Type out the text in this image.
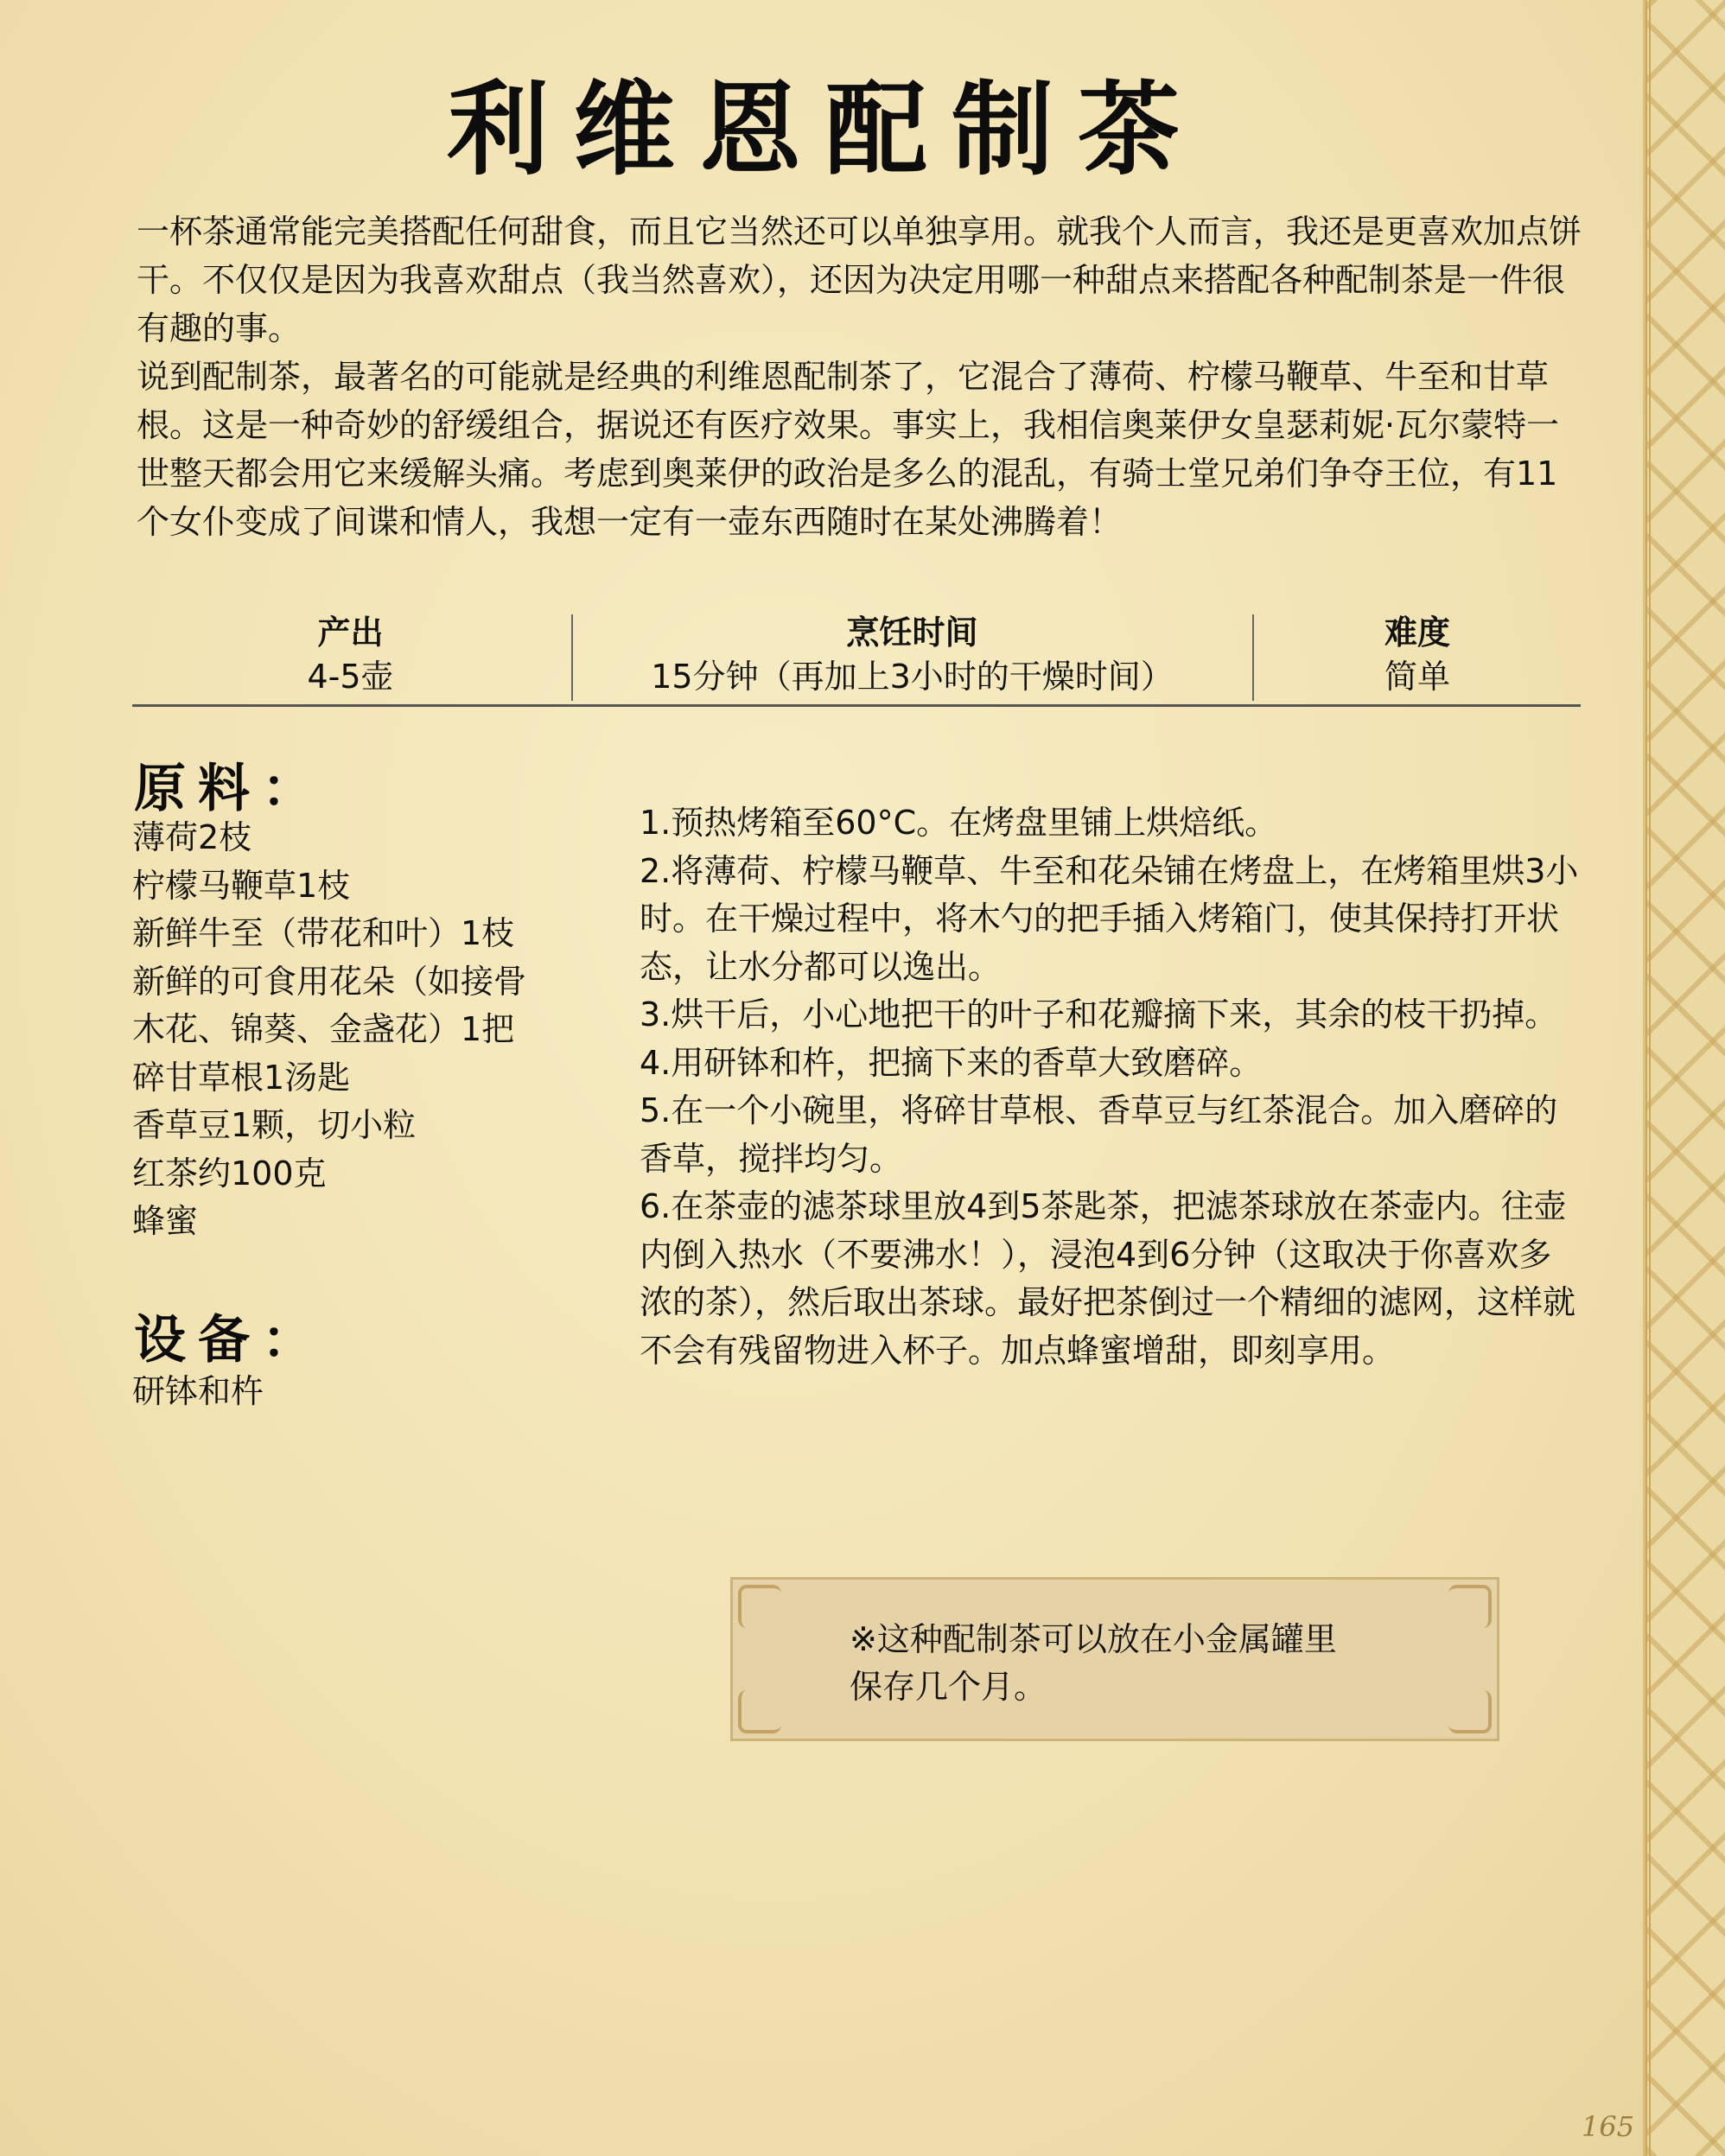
利维恩配制茶

一杯茶通常能完美搭配任何甜食，而且它当然还可以单独享用。就我个人而言，我还是更喜欢加点饼干。不仅仅是因为我喜欢甜点（我当然喜欢），还因为决定用哪一种甜点来搭配各种配制茶是一件很有趣的事。

说到配制茶，最著名的可能就是经典的利维恩配制茶了，它混合了薄荷、柠檬马鞭草、牛至和甘草根。这是一种奇妙的舒缓组合，据说还有医疗效果。事实上，我相信奥莱伊女皇瑟莉妮·瓦尔蒙特一世整天都会用它来缓解头痛。考虑到奥莱伊的政治是多么的混乱，有骑士堂兄弟们争夺王位，有11个女仆变成了间谍和情人，我想一定有一壶东西随时在某处沸腾着！

产出
4-5壶
烹饪时间
15分钟（再加上3小时的干燥时间）
难度
简单
原料：
薄荷2枝
柠檬马鞭草1枝
新鲜牛至（带花和叶）1枝
新鲜的可食用花朵（如接骨
木花、锦葵、金盏花）1把
碎甘草根1汤匙
香草豆1颗，切小粒
红茶约100克
蜂蜜
设备：
研钵和杵
1.预热烤箱至60°C。在烤盘里铺上烘焙纸。
2.将薄荷、柠檬马鞭草、牛至和花朵铺在烤盘上，在烤箱里烘3小时。在干燥过程中，将木勺的把手插入烤箱门，使其保持打开状态，让水分都可以逸出。
3.烘干后，小心地把干的叶子和花瓣摘下来，其余的枝干扔掉。
4.用研钵和杵，把摘下来的香草大致磨碎。
5.在一个小碗里，将碎甘草根、香草豆与红茶混合。加入磨碎的香草，搅拌均匀。
6.在茶壶的滤茶球里放4到5茶匙茶，把滤茶球放在茶壶内。往壶内倒入热水（不要沸水！），浸泡4到6分钟（这取决于你喜欢多浓的茶），然后取出茶球。最好把茶倒过一个精细的滤网，这样就不会有残留物进入杯子。加点蜂蜜增甜，即刻享用。
※这种配制茶可以放在小金属罐里
保存几个月。
165
